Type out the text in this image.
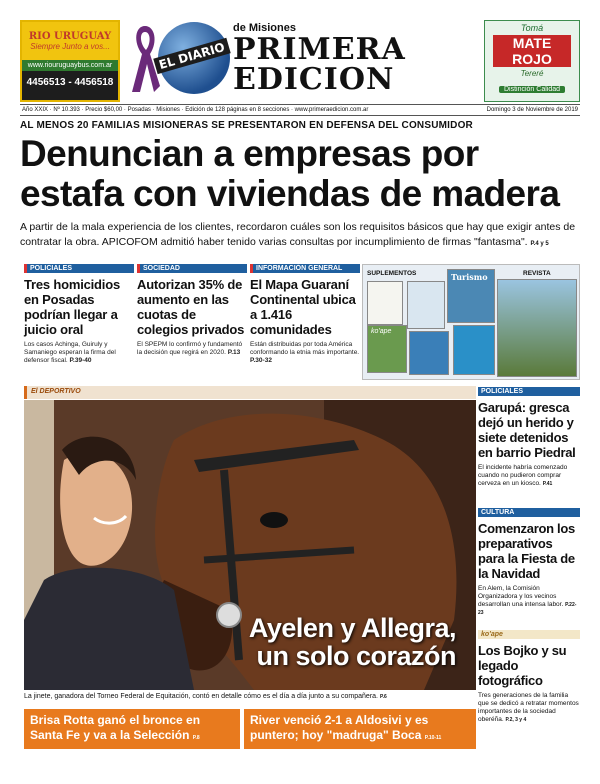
RIO URUGUAY
Siempre Junto a vos...
www.riouruguaybus.com.ar
4456513 - 4456518
EL DIARIO
de Misiones
PRIMERA
EDICION
Tomá
MATE ROJO
Tereré
Distinción Calidad
Año XXIX · Nº 10.393 · Precio $60,00 · Posadas · Misiones · Edición de 128 páginas en 8 secciones · www.primeraedicion.com.ar	Domingo 3 de Noviembre de 2019
AL MENOS 20 FAMILIAS MISIONERAS SE PRESENTARON EN DEFENSA DEL CONSUMIDOR
Denuncian a empresas por estafa con viviendas de madera
A partir de la mala experiencia de los clientes, recordaron cuáles son los requisitos básicos que hay que exigir antes de contratar la obra. APICOFOM admitió haber tenido varias consultas por incumplimiento de firmas "fantasma". P.4 y 5
POLICIALES
Tres homicidios en Posadas podrían llegar a juicio oral
Los casos Achinga, Guiruly y Samaniego esperan la firma del defensor fiscal. P.39-40
SOCIEDAD
Autorizan 35% de aumento en las cuotas de colegios privados
El SPEPM lo confirmó y fundamentó la decisión que regirá en 2020. P.13
INFORMACIÓN GENERAL
El Mapa Guaraní Continental ubica a 1.416 comunidades
Están distribuidas por toda América conformando la etnia más importante. P.30-32
SUPLEMENTOS	REVISTA
Turismo
ko'ape
El DEPORTIVO
Ayelen y Allegra,
un solo corazón
La jinete, ganadora del Torneo Federal de Equitación, contó en detalle cómo es el día a día junto a su compañera. P.6
Brisa Rotta ganó el bronce en Santa Fe y va a la Selección P.8
River venció 2-1 a Aldosivi y es puntero; hoy "madruga" Boca P.10-11
POLICIALES
Garupá: gresca dejó un herido y siete detenidos en barrio Piedral
El incidente habría comenzado cuando no pudieron comprar cerveza en un kiosco. P.41
CULTURA
Comenzaron los preparativos para la Fiesta de la Navidad
En Alem, la Comisión Organizadora y los vecinos desarrollan una intensa labor. P.22-23
ko'ape
Los Bojko y su legado fotográfico
Tres generaciones de la familia que se dedicó a retratar momentos importantes de la sociedad oberéña. P.2, 3 y 4
